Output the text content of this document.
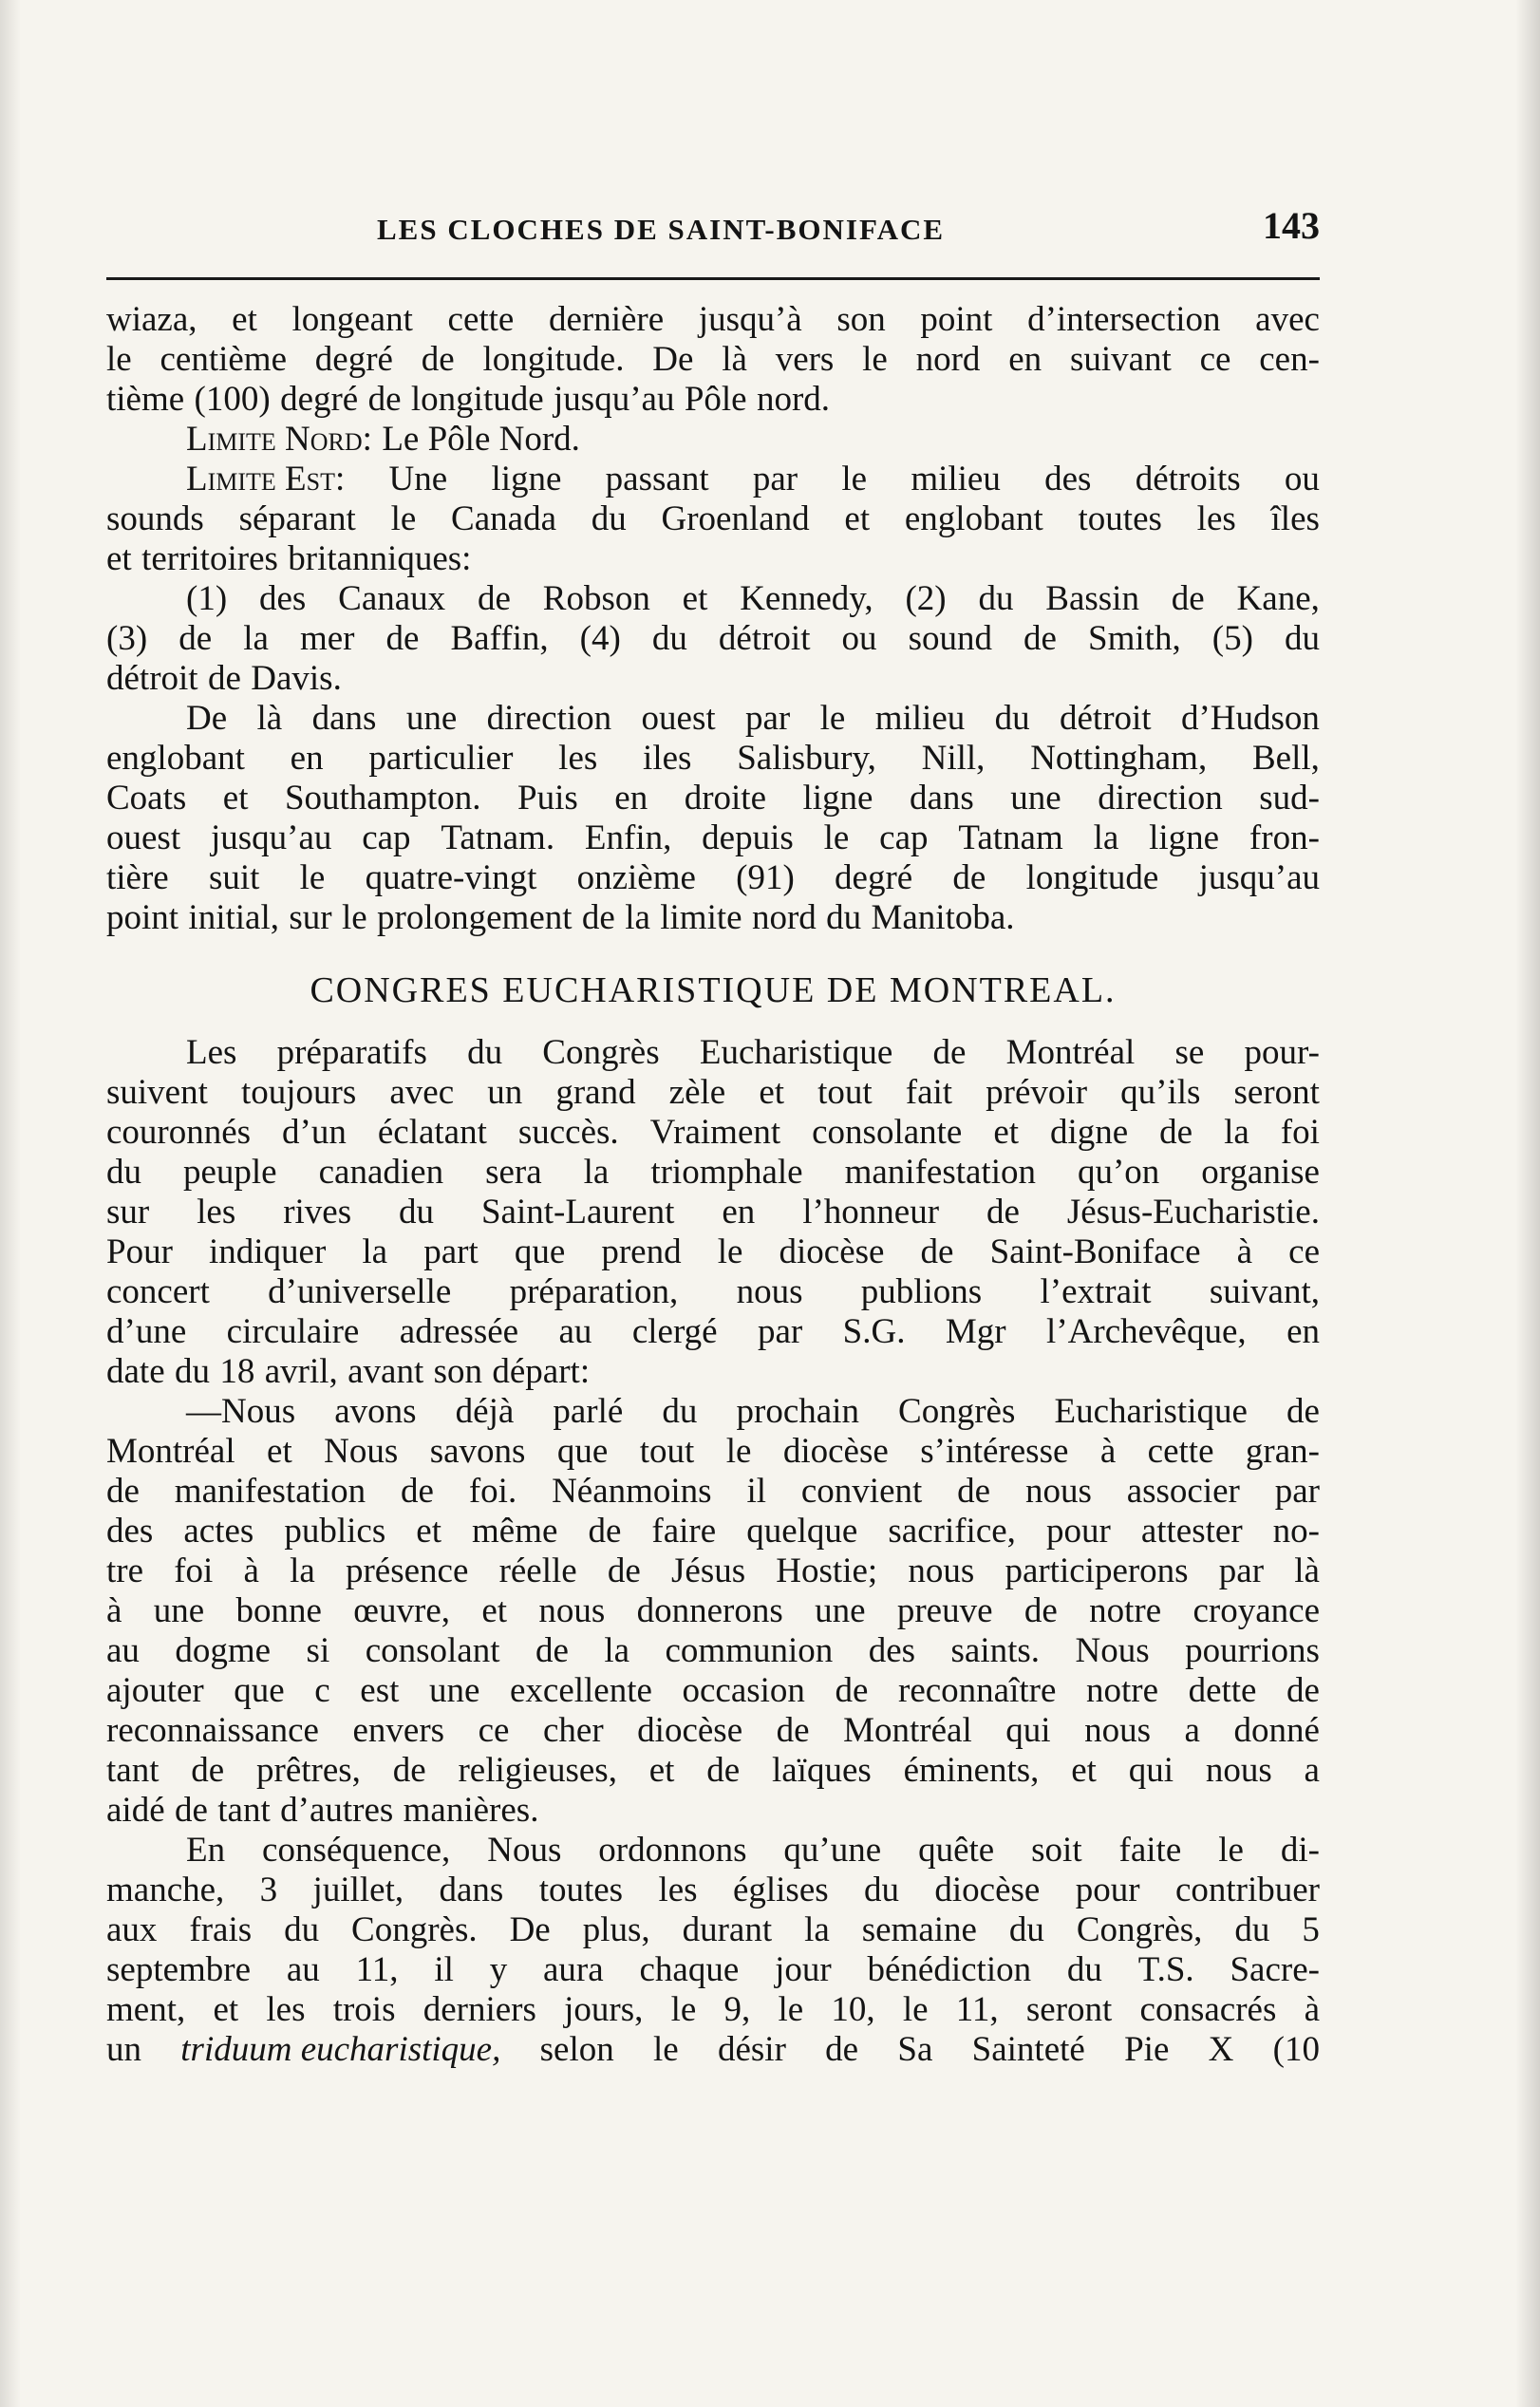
LES CLOCHES DE SAINT-BONIFACE	143
wiaza, et longeant cette dernière jusqu’à son point d’intersection avec
le centième degré de longitude. De là vers le nord en suivant ce cen-
tième (100) degré de longitude jusqu’au Pôle nord.
Limite Nord: Le Pôle Nord.
Limite Est: Une ligne passant par le milieu des détroits ou
sounds séparant le Canada du Groenland et englobant toutes les îles
et territoires britanniques:
(1) des Canaux de Robson et Kennedy, (2) du Bassin de Kane,
(3) de la mer de Baffin, (4) du détroit ou sound de Smith, (5) du
détroit de Davis.
De là dans une direction ouest par le milieu du détroit d’Hudson
englobant en particulier les iles Salisbury, Nill, Nottingham, Bell,
Coats et Southampton. Puis en droite ligne dans une direction sud-
ouest jusqu’au cap Tatnam. Enfin, depuis le cap Tatnam la ligne fron-
tière suit le quatre-vingt onzième (91) degré de longitude jusqu’au
point initial, sur le prolongement de la limite nord du Manitoba.
CONGRES EUCHARISTIQUE DE MONTREAL.
Les préparatifs du Congrès Eucharistique de Montréal se pour-
suivent toujours avec un grand zèle et tout fait prévoir qu’ils seront
couronnés d’un éclatant succès. Vraiment consolante et digne de la foi
du peuple canadien sera la triomphale manifestation qu’on organise
sur les rives du Saint-Laurent en l’honneur de Jésus-Eucharistie.
Pour indiquer la part que prend le diocèse de Saint-Boniface à ce
concert d’universelle préparation, nous publions l’extrait suivant,
d’une circulaire adressée au clergé par S.G. Mgr l’Archevêque, en
date du 18 avril, avant son départ:
—Nous avons déjà parlé du prochain Congrès Eucharistique de
Montréal et Nous savons que tout le diocèse s’intéresse à cette gran-
de manifestation de foi. Néanmoins il convient de nous associer par
des actes publics et même de faire quelque sacrifice, pour attester no-
tre foi à la présence réelle de Jésus Hostie; nous participerons par là
à une bonne œuvre, et nous donnerons une preuve de notre croyance
au dogme si consolant de la communion des saints. Nous pourrions
ajouter que c est une excellente occasion de reconnaître notre dette de
reconnaissance envers ce cher diocèse de Montréal qui nous a donné
tant de prêtres, de religieuses, et de laïques éminents, et qui nous a
aidé de tant d’autres manières.
En conséquence, Nous ordonnons qu’une quête soit faite le di-
manche, 3 juillet, dans toutes les églises du diocèse pour contribuer
aux frais du Congrès. De plus, durant la semaine du Congrès, du 5
septembre au 11, il y aura chaque jour bénédiction du T.S. Sacre-
ment, et les trois derniers jours, le 9, le 10, le 11, seront consacrés à
un triduum eucharistique, selon le désir de Sa Sainteté Pie X (10
